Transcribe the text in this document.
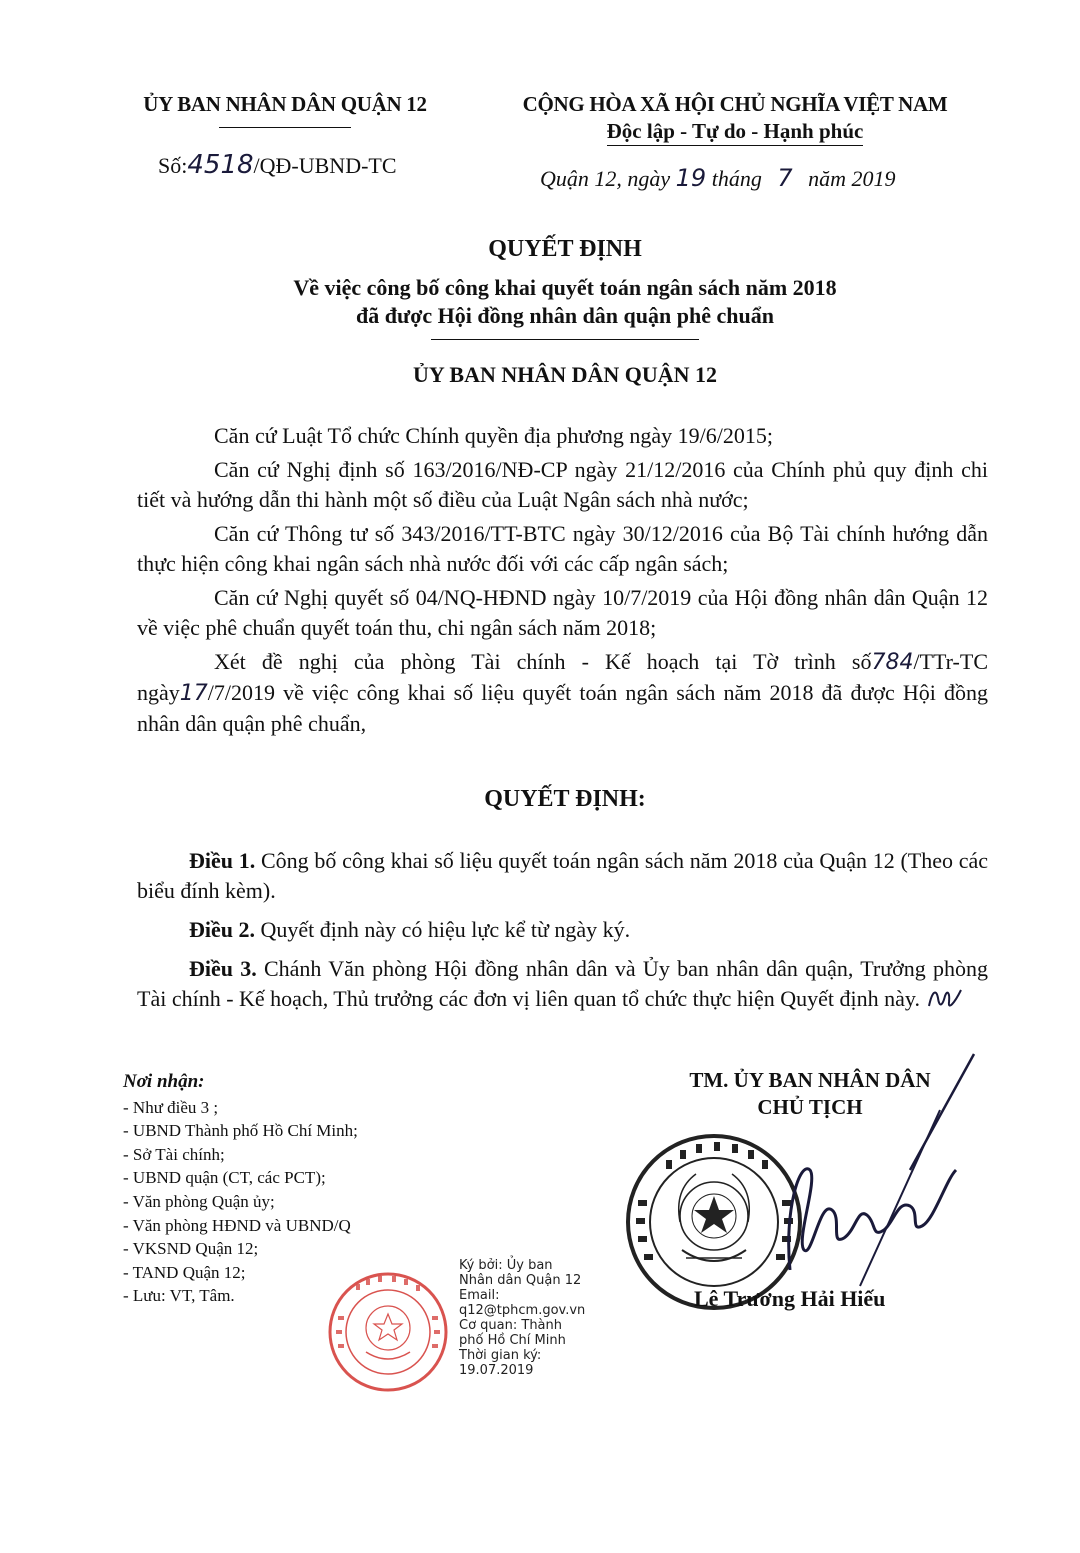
ỦY BAN NHÂN DÂN QUẬN 12
Số:4518/QĐ-UBND-TC
CỘNG HÒA XÃ HỘI CHỦ NGHĨA VIỆT NAM
Độc lập - Tự do - Hạnh phúc
Quận 12, ngày 19 tháng 7 năm 2019
QUYẾT ĐỊNH
Về việc công bố công khai quyết toán ngân sách năm 2018
đã được Hội đồng nhân dân quận phê chuẩn
ỦY BAN NHÂN DÂN QUẬN 12

Căn cứ Luật Tổ chức Chính quyền địa phương ngày 19/6/2015;

Căn cứ Nghị định số 163/2016/NĐ-CP ngày 21/12/2016 của Chính phủ quy định chi tiết và hướng dẫn thi hành một số điều của Luật Ngân sách nhà nước;

Căn cứ Thông tư số 343/2016/TT-BTC ngày 30/12/2016 của Bộ Tài chính hướng dẫn thực hiện công khai ngân sách nhà nước đối với các cấp ngân sách;

Căn cứ Nghị quyết số 04/NQ-HĐND ngày 10/7/2019 của Hội đồng nhân dân Quận 12 về việc phê chuẩn quyết toán thu, chi ngân sách năm 2018;

Xét đề nghị của phòng Tài chính - Kế hoạch tại Tờ trình số784/TTr-TC ngày17/7/2019 về việc công khai số liệu quyết toán ngân sách năm 2018 đã được Hội đồng nhân dân quận phê chuẩn,

QUYẾT ĐỊNH:

Điều 1. Công bố công khai số liệu quyết toán ngân sách năm 2018 của Quận 12 (Theo các biểu đính kèm).

Điều 2. Quyết định này có hiệu lực kể từ ngày ký.

Điều 3. Chánh Văn phòng Hội đồng nhân dân và Ủy ban nhân dân quận, Trưởng phòng Tài chính - Kế hoạch, Thủ trưởng các đơn vị liên quan tổ chức thực hiện Quyết định này.

Nơi nhận:
- Như điều 3 ;
- UBND Thành phố Hồ Chí Minh;
- Sở Tài chính;
- UBND quận (CT, các PCT);
- Văn phòng Quận ủy;
- Văn phòng HĐND và UBND/Q
- VKSND Quận 12;
- TAND Quận 12;
- Lưu: VT, Tâm.
Ký bởi: Ủy ban
Nhân dân Quận 12
Email:
q12@tphcm.gov.vn
Cơ quan: Thành
phố Hồ Chí Minh
Thời gian ký:
19.07.2019
TM. ỦY BAN NHÂN DÂN
CHỦ TỊCH
Lê Trương Hải Hiếu
